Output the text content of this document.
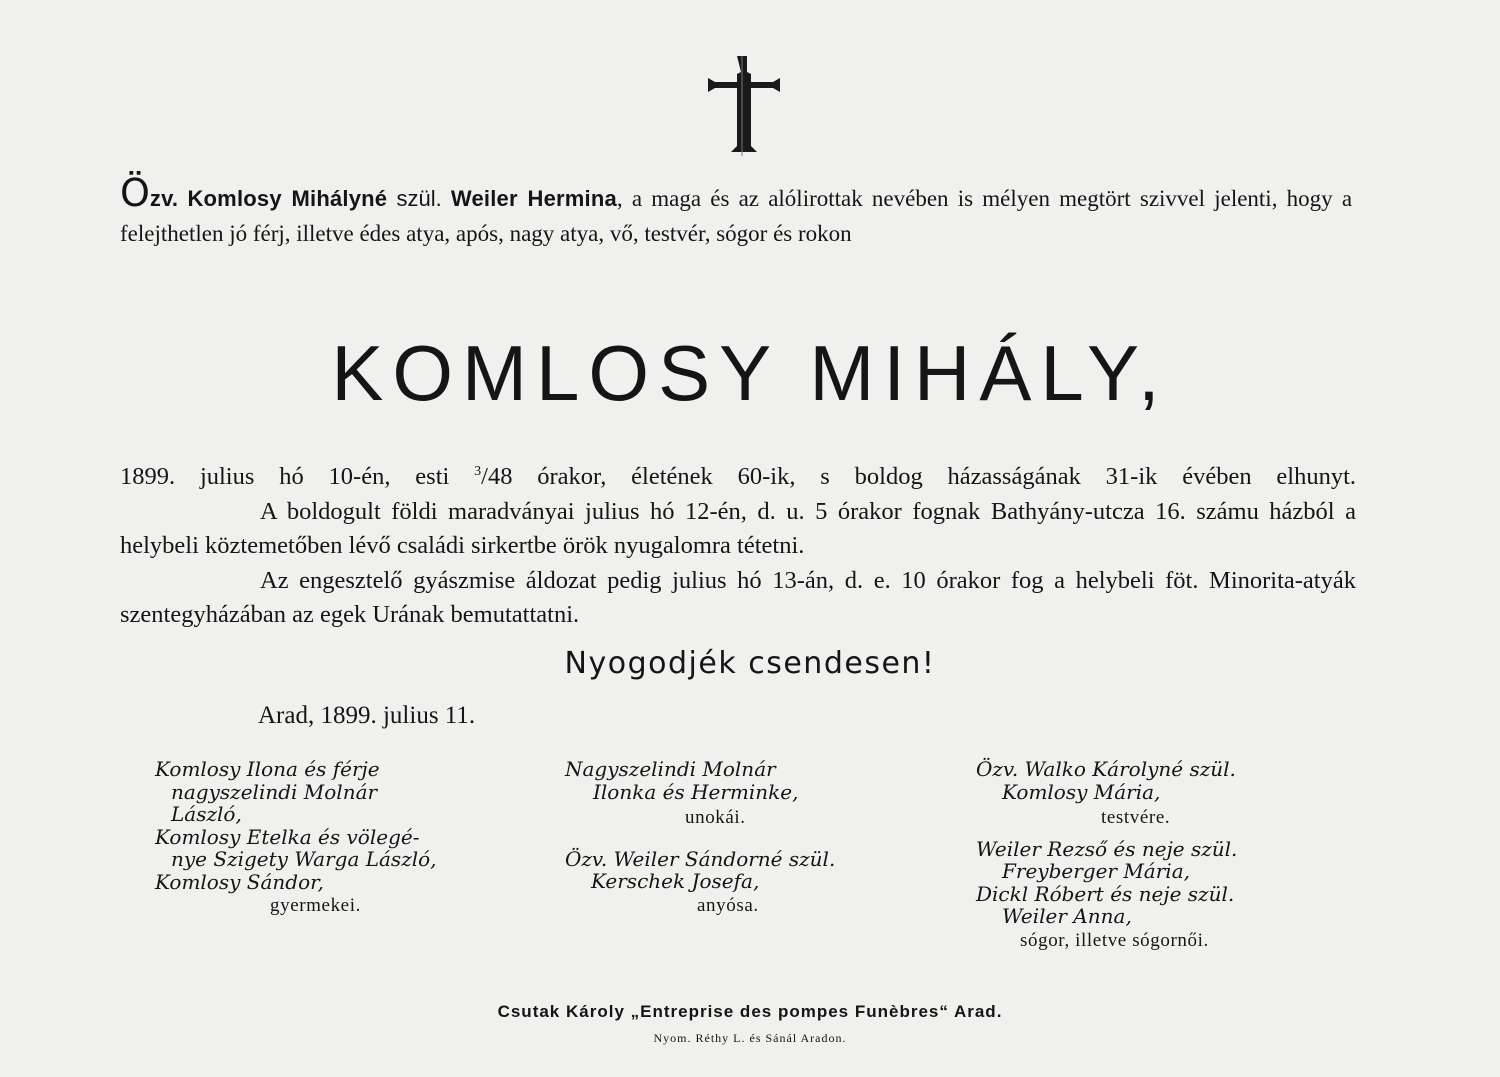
Özv. Komlosy Mihályné szül. Weiler Hermina, a maga és az alólirottak nevében is mélyen megtört szivvel jelenti, hogy a felejthetlen jó férj, illetve édes atya, após, nagy atya, vő, testvér, sógor és rokon
KOMLOSY MIHÁLY,

1899. julius hó 10-én, esti $^3$/48 órakor, életének 60-ik, s boldog házasságának 31-ik évében elhunyt.

A boldogult földi maradványai julius hó 12-én, d. u. 5 órakor fognak Bathyány-utcza 16. számu házból a helybeli köztemetőben lévő családi sirkertbe örök nyugalomra tétetni.

Az engesztelő gyászmise áldozat pedig julius hó 13-án, d. e. 10 órakor fog a helybeli föt. Minorita-atyák szentegyházában az egek Urának bemutattatni.

Nyogodjék csendesen!
Arad, 1899. julius 11.
Komlosy Ilona és férje
nagyszelindi Molnár
László,
Komlosy Etelka és völegé-
nye Szigety Warga László,
Komlosy Sándor,
gyermekei.
Nagyszelindi Molnár
Ilonka és Herminke,
unokái.
Özv. Weiler Sándorné szül.
Kerschek Josefa,
anyósa.
Özv. Walko Károlyné szül.
Komlosy Mária,
testvére.
Weiler Rezső és neje szül.
Freyberger Mária,
Dickl Róbert és neje szül.
Weiler Anna,
sógor, illetve sógornői.
Csutak Károly „Entreprise des pompes Funèbres“ Arad.
Nyom. Réthy L. és Sánál Aradon.
